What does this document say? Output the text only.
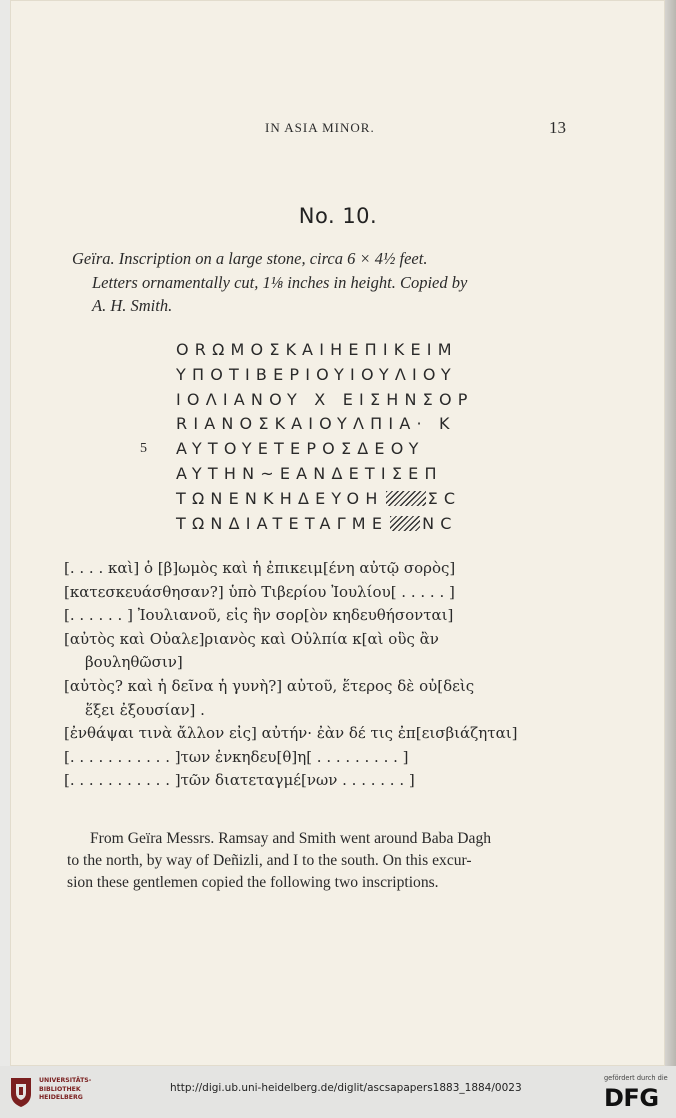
IN ASIA MINOR.	13
No. 10.
Geïra. Inscription on a large stone, circa 6 × 4½ feet.
Letters ornamentally cut, 1⅛ inches in height. Copied by
A. H. Smith.
ORΩMOΣKAIHEΠIKEIM
YΠOTIBEPIOYIOYΛIOY
IOΛIANOY X EIΣHNΣOP
RIANOΣKAIOYΛΠIA· K
5 AYTOYETEPOΣΔEOY
AYTHN~EANΔETIΣEΠ
TΩNENKHΔEYOH	ΣC
TΩNΔIATETAΓME NC
[. . . . καὶ] ὁ [β]ωμὸς καὶ ἡ ἐπικειμ[ένη αὐτῷ σορὸς]
[κατεσκευάσθησαν?] ὑπὸ Τιβερίου Ἰουλίου[ . . . . . ]
[. . . . . . ] Ἰουλιανοῦ, εἰς ἣν σορ[ὸν κηδευθήσονται]
[αὐτὸς καὶ Οὐαλε]ριανὸς καὶ Οὐλπία κ[αὶ οὓς ἂν
βουληθῶσιν]
[αὐτὸς? καὶ ἡ δεῖνα ἡ γυνὴ?] αὐτοῦ, ἕτερος δὲ οὐ[δεὶς
ἕξει ἐξουσίαν] .
[ἐνθάψαι τινὰ ἄλλον εἰς] αὐτήν· ἐὰν δέ τις ἐπ[εισβιάζηται]
[. . . . . . . . . . . ]των ἐνκηδευ[θ]η[ . . . . . . . . . ]
[. . . . . . . . . . . ]τῶν διατεταγμέ[νων . . . . . . . ]
From Geïra Messrs. Ramsay and Smith went around Baba Dagh
to the north, by way of Deñizli, and I to the south. On this excur-
sion these gentlemen copied the following two inscriptions.
UNIVERSITÄTS-
BIBLIOTHEK
HEIDELBERG
http://digi.ub.uni-heidelberg.de/diglit/ascsapapers1883_1884/0023
gefördert durch die
DFG
